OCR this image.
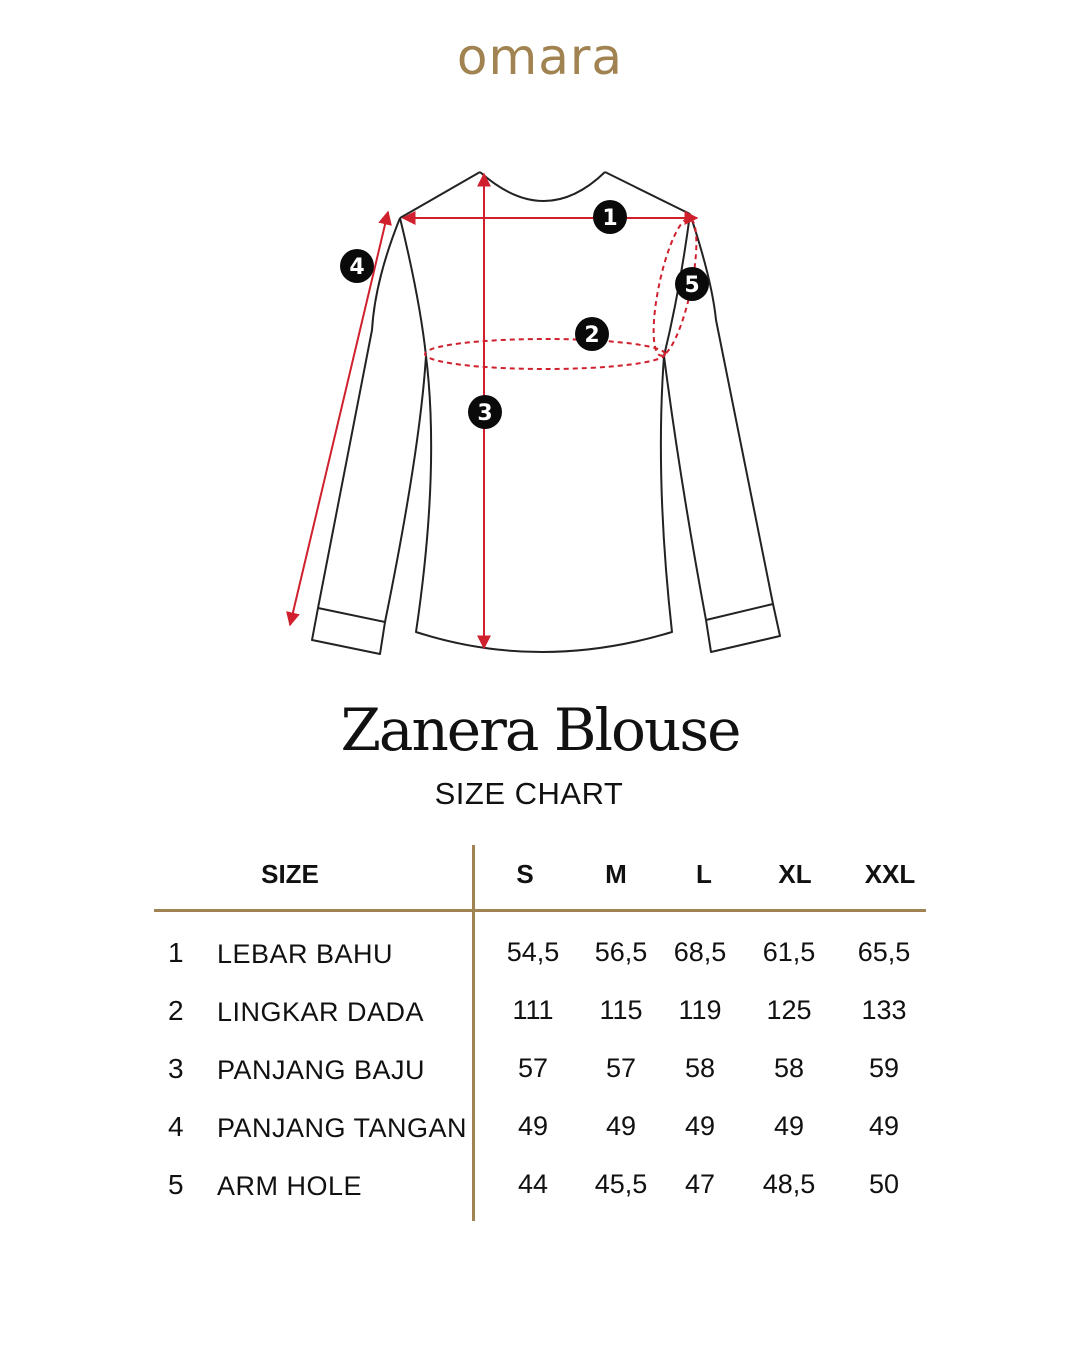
omara
1
2
3
4
5
Zanera Blouse
SIZE CHART
SIZE	S	M	L	XL XXL
1 LEBAR BAHU	54,5 56,5 68,5 61,5 65,5
2 LINGKAR DADA	111 115 119 125 133
3 PANJANG BAJU	57 57 58 58 59
4 PANJANG TANGAN 49 49 49 49 49
5 ARM HOLE	44 45,5 47 48,5 50
